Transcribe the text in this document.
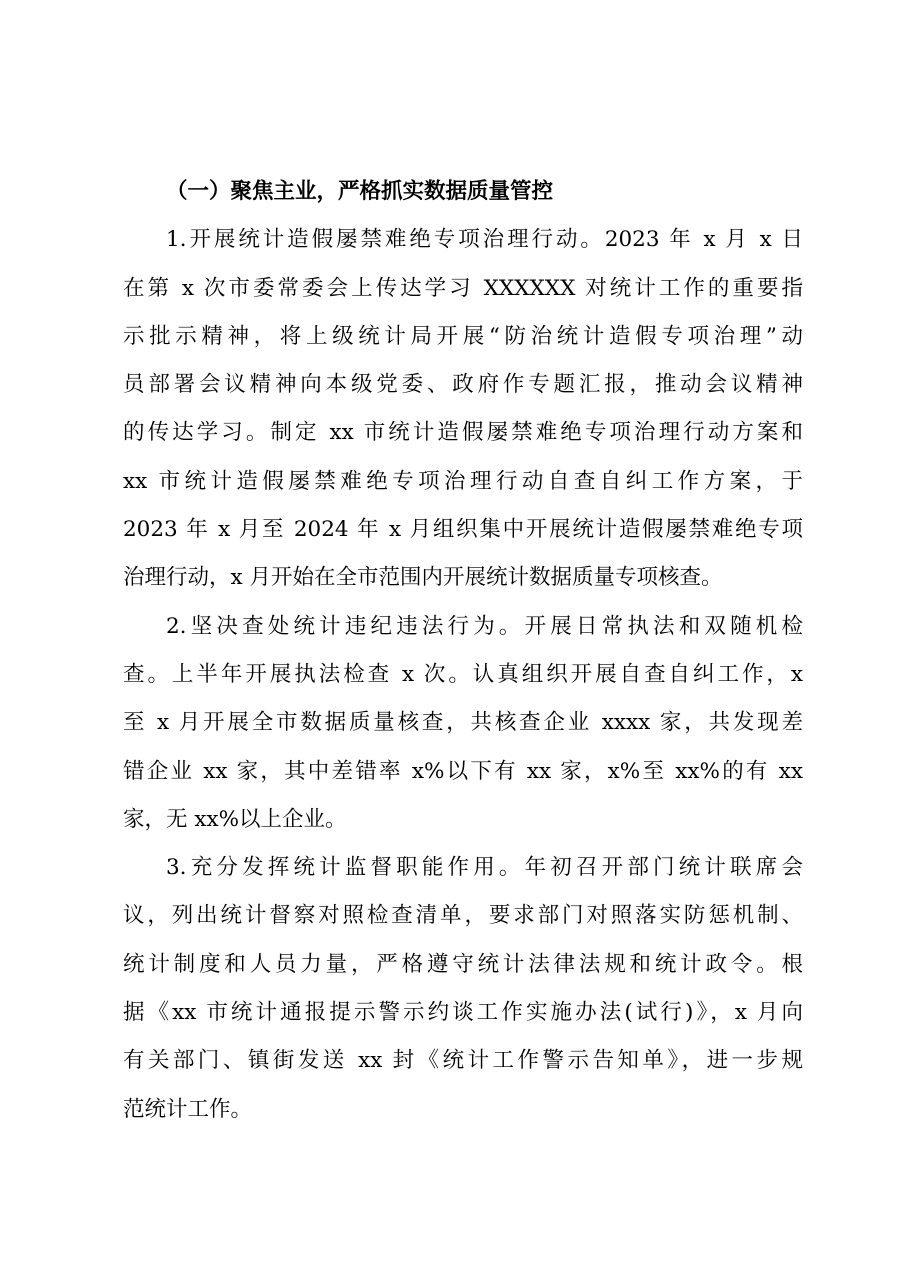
（一）聚焦主业，严格抓实数据质量管控
1.开展统计造假屡禁难绝专项治理行动。2023 年 x 月 x 日
在第 x 次市委常委会上传达学习 XXXXXX 对统计工作的重要指
示批示精神，将上级统计局开展“防治统计造假专项治理”动
员部署会议精神向本级党委、政府作专题汇报，推动会议精神
的传达学习。制定 xx 市统计造假屡禁难绝专项治理行动方案和
xx 市统计造假屡禁难绝专项治理行动自查自纠工作方案，于
2023 年 x 月至 2024 年 x 月组织集中开展统计造假屡禁难绝专项
治理行动，x 月开始在全市范围内开展统计数据质量专项核查。
2.坚决查处统计违纪违法行为。开展日常执法和双随机检
查。上半年开展执法检查 x 次。认真组织开展自查自纠工作，x
至 x 月开展全市数据质量核查，共核查企业 xxxx 家，共发现差
错企业 xx 家，其中差错率 x%以下有 xx 家，x%至 xx%的有 xx
家，无 xx%以上企业。
3.充分发挥统计监督职能作用。年初召开部门统计联席会
议，列出统计督察对照检查清单，要求部门对照落实防惩机制、
统计制度和人员力量，严格遵守统计法律法规和统计政令。根
据《xx 市统计通报提示警示约谈工作实施办法(试行)》，x 月向
有关部门、镇街发送 xx 封《统计工作警示告知单》，进一步规
范统计工作。
